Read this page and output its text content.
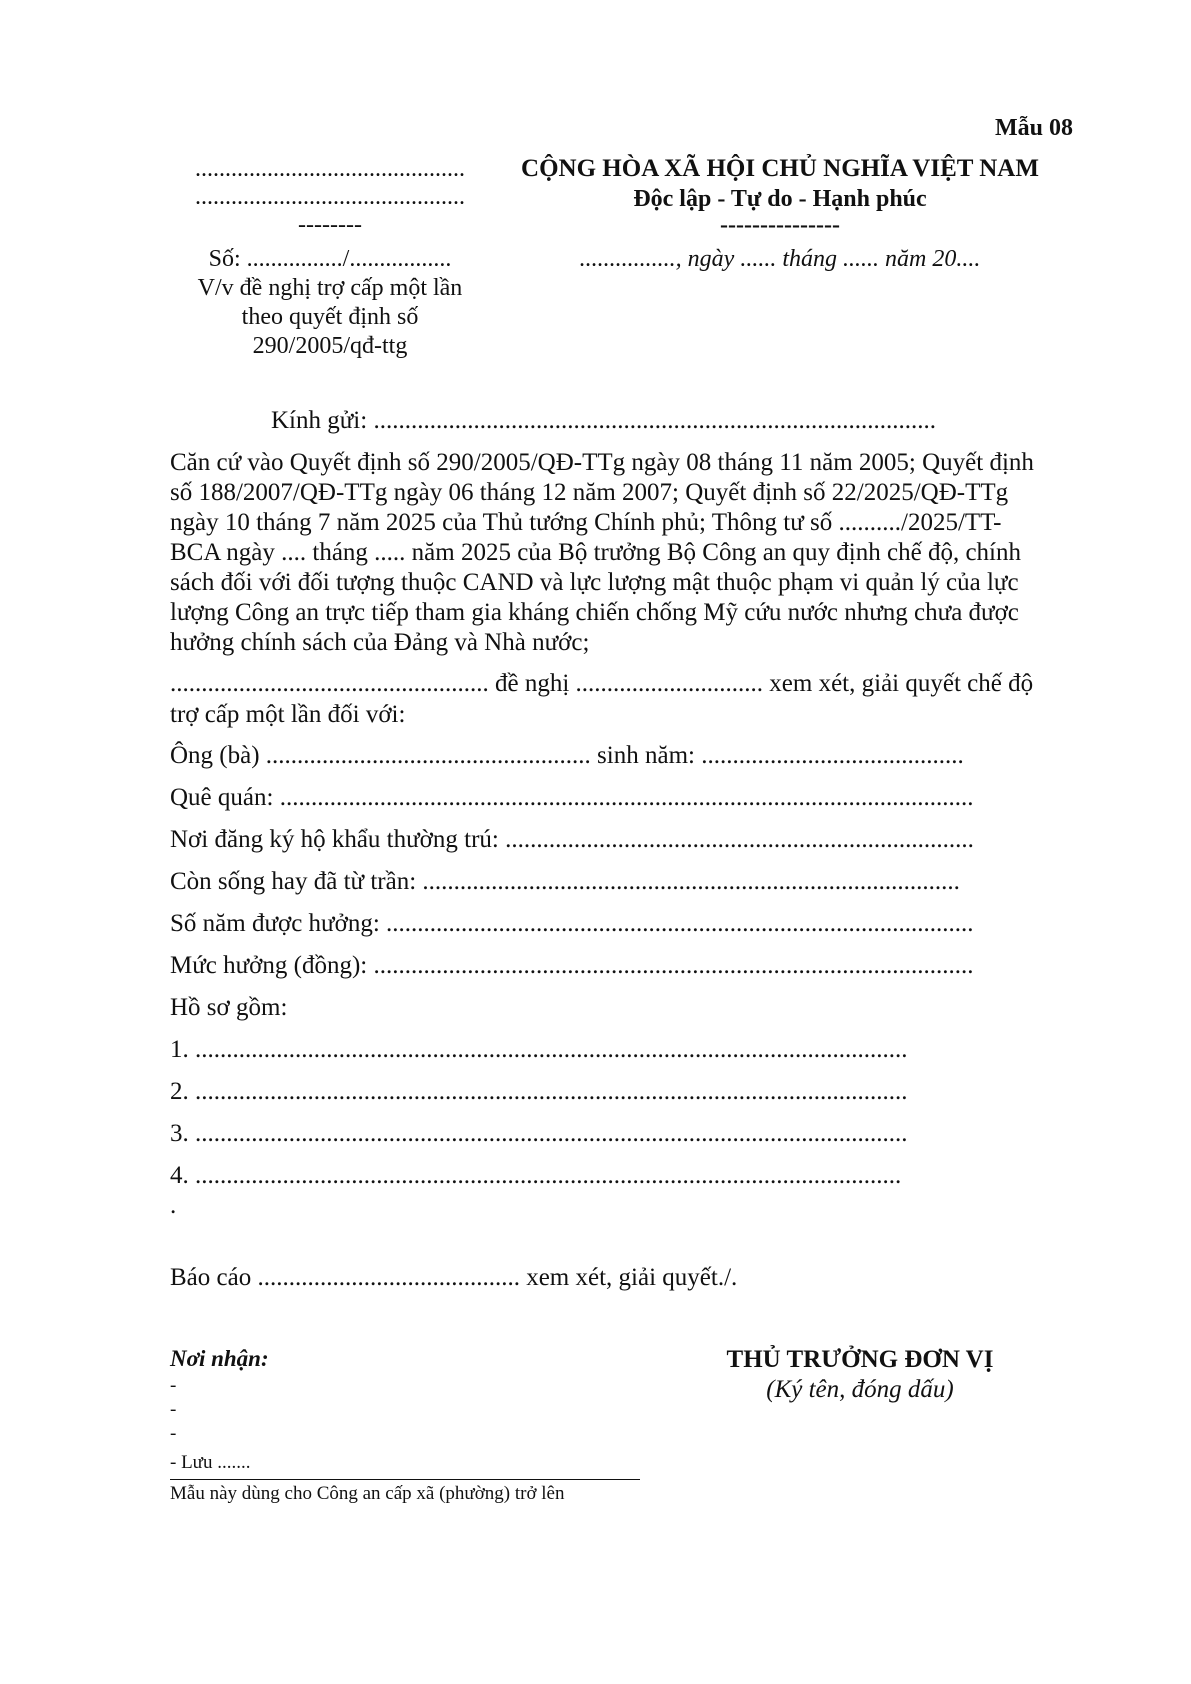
Mẫu 08
.............................................
.............................................
--------
Số: ................/.................
V/v đề nghị trợ cấp một lần
theo quyết định số
290/2005/qđ-ttg
CỘNG HÒA XÃ HỘI CHỦ NGHĨA VIỆT NAM
Độc lập - Tự do - Hạnh phúc
---------------
................, ngày ...... tháng ...... năm 20....
Kính gửi: ..........................................................................................
Căn cứ vào Quyết định số 290/2005/QĐ-TTg ngày 08 tháng 11 năm 2005; Quyết định
số 188/2007/QĐ-TTg ngày 06 tháng 12 năm 2007; Quyết định số 22/2025/QĐ-TTg
ngày 10 tháng 7 năm 2025 của Thủ tướng Chính phủ; Thông tư số ........../2025/TT-
BCA ngày .... tháng ..... năm 2025 của Bộ trưởng Bộ Công an quy định chế độ, chính
sách đối với đối tượng thuộc CAND và lực lượng mật thuộc phạm vi quản lý của lực
lượng Công an trực tiếp tham gia kháng chiến chống Mỹ cứu nước nhưng chưa được
hưởng chính sách của Đảng và Nhà nước;
................................................... đề nghị .............................. xem xét, giải quyết chế độ
trợ cấp một lần đối với:
Ông (bà) .................................................... sinh năm: ..........................................
Quê quán: ...............................................................................................................
Nơi đăng ký hộ khẩu thường trú: ...........................................................................
Còn sống hay đã từ trần: ......................................................................................
Số năm được hưởng: ..............................................................................................
Mức hưởng (đồng): ................................................................................................
Hồ sơ gồm:
1. ..................................................................................................................
2. ..................................................................................................................
3. ..................................................................................................................
4. .................................................................................................................
.
Báo cáo .......................................... xem xét, giải quyết./.
Nơi nhận:
-
-
-
- Lưu .......
THỦ TRƯỞNG ĐƠN VỊ
(Ký tên, đóng dấu)
Mẫu này dùng cho Công an cấp xã (phường) trở lên
